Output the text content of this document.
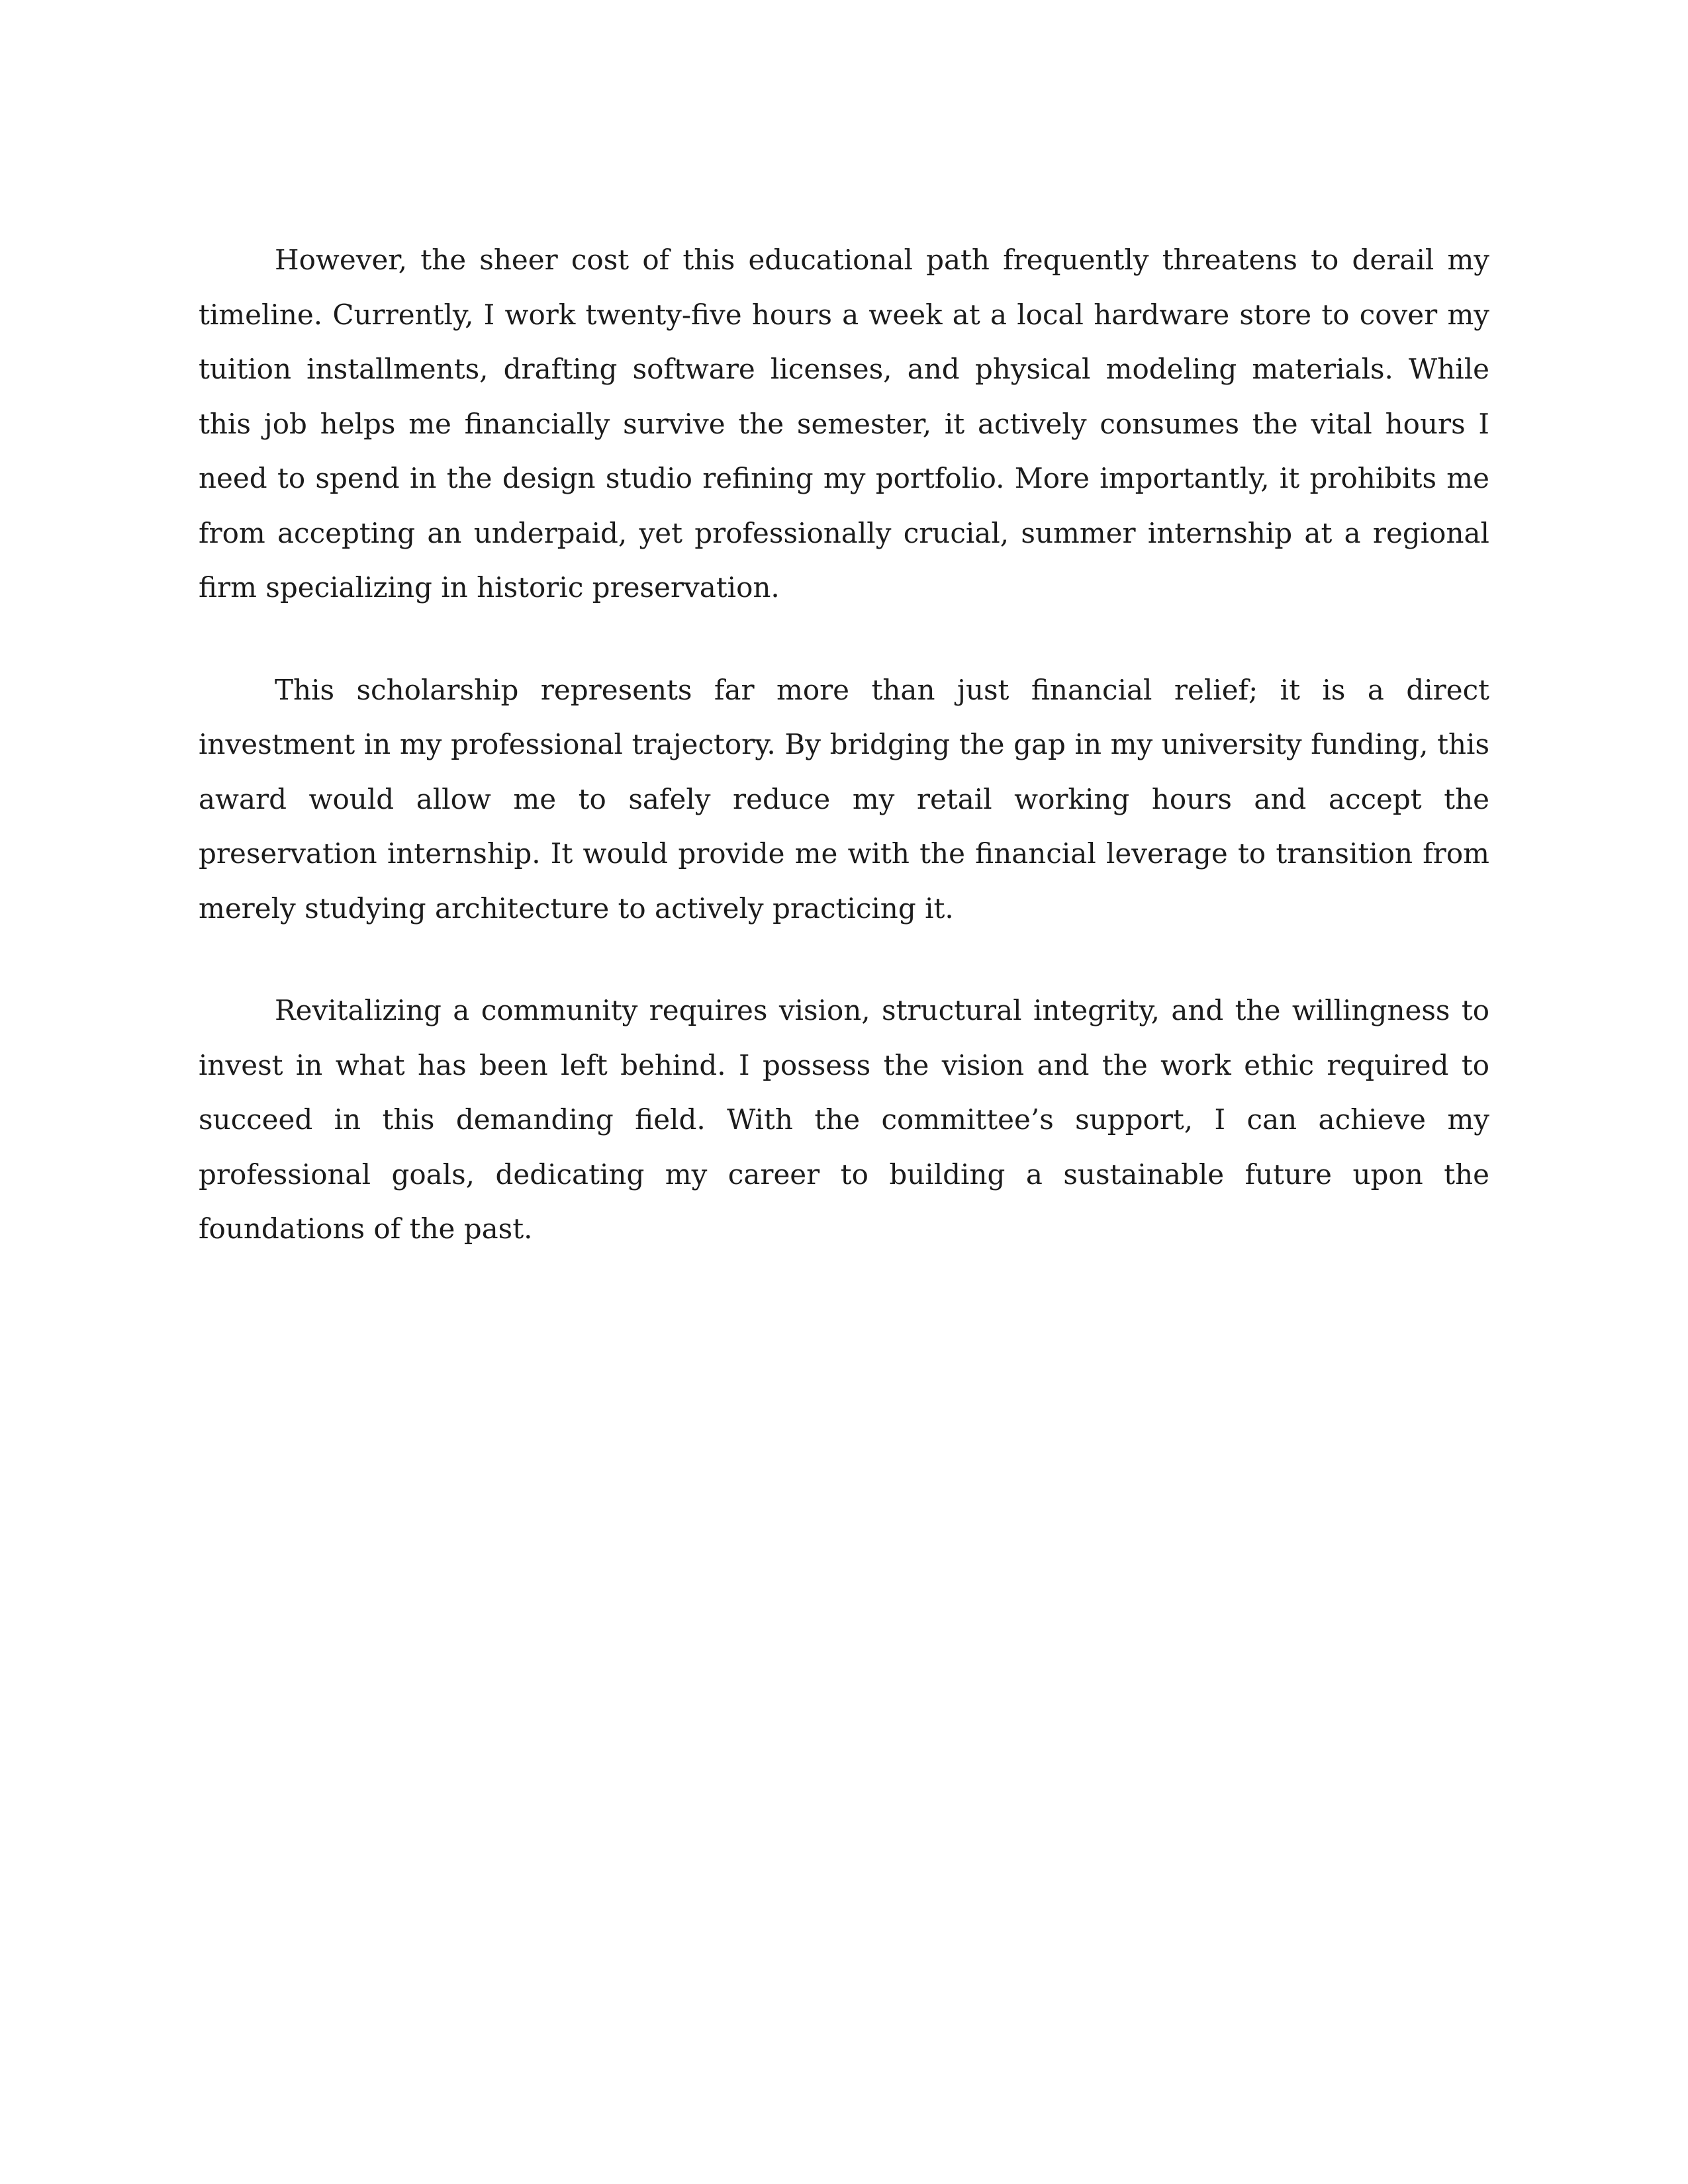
However, the sheer cost of this educational path frequently threatens to derail my timeline. Currently, I work twenty-five hours a week at a local hardware store to cover my tuition installments, drafting software licenses, and physical modeling materials. While this job helps me financially survive the semester, it actively consumes the vital hours I need to spend in the design studio refining my portfolio. More importantly, it prohibits me from accepting an underpaid, yet professionally crucial, summer internship at a regional firm specializing in historic preservation.

This scholarship represents far more than just financial relief; it is a direct investment in my professional trajectory. By bridging the gap in my university funding, this award would allow me to safely reduce my retail working hours and accept the preservation internship. It would provide me with the financial leverage to transition from merely studying architecture to actively practicing it.

Revitalizing a community requires vision, structural integrity, and the willingness to invest in what has been left behind. I possess the vision and the work ethic required to succeed in this demanding field. With the committee’s support, I can achieve my professional goals, dedicating my career to building a sustainable future upon the foundations of the past.
